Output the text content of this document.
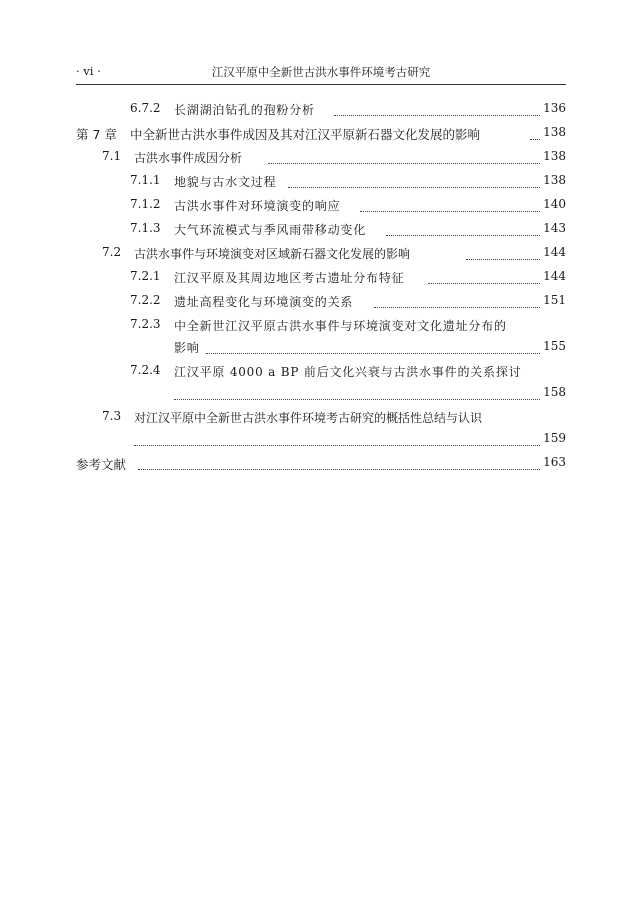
· vi ·	江汉平原中全新世古洪水事件环境考古研究
6.7.2 长湖湖泊钻孔的孢粉分析	136
第 7 章 中全新世古洪水事件成因及其对江汉平原新石器文化发展的影响	138
7.1 古洪水事件成因分析	138
7.1.1 地貌与古水文过程	138
7.1.2 古洪水事件对环境演变的响应	140
7.1.3 大气环流模式与季风雨带移动变化	143
7.2 古洪水事件与环境演变对区域新石器文化发展的影响	144
7.2.1 江汉平原及其周边地区考古遗址分布特征	144
7.2.2 遗址高程变化与环境演变的关系	151
7.2.3 中全新世江汉平原古洪水事件与环境演变对文化遗址分布的
影响	155
7.2.4 江汉平原 4000 a BP 前后文化兴衰与古洪水事件的关系探讨
158
7.3 对江汉平原中全新世古洪水事件环境考古研究的概括性总结与认识
159
参考文献	163
